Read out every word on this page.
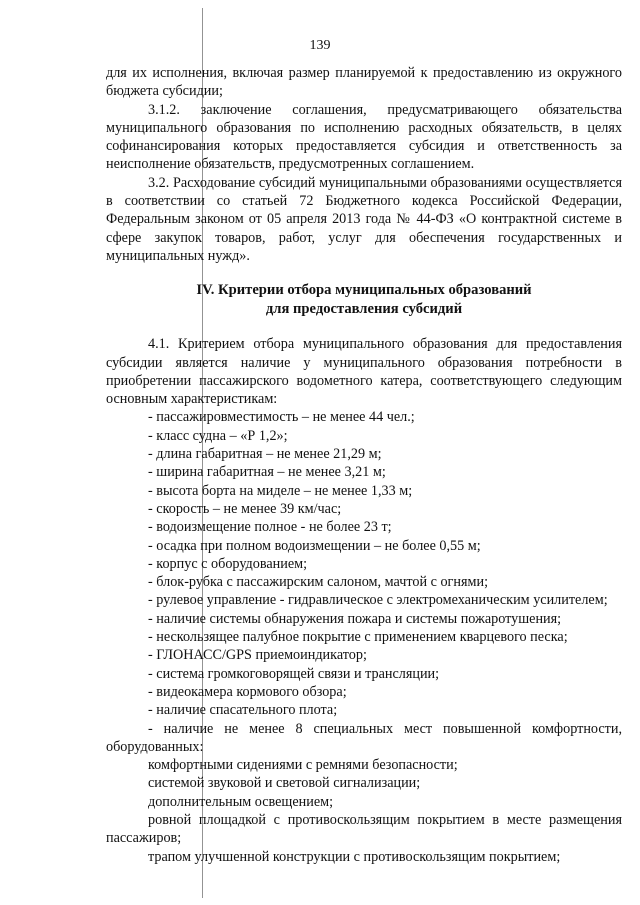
139

для их исполнения, включая размер планируемой к предоставлению из окружного бюджета субсидии;

3.1.2. заключение соглашения, предусматривающего обязательства муниципального образования по исполнению расходных обязательств, в целях софинансирования которых предоставляется субсидия и ответственность за неисполнение обязательств, предусмотренных соглашением.

3.2. Расходование субсидий муниципальными образованиями осуществляется в соответствии со статьей 72 Бюджетного кодекса Российской Федерации, Федеральным законом от 05 апреля 2013 года № 44-ФЗ «О контрактной системе в сфере закупок товаров, работ, услуг для обеспечения государственных и муниципальных нужд».

IV. Критерии отбора муниципальных образований
для предоставления субсидий

4.1. Критерием отбора муниципального образования для предоставления субсидии является наличие у муниципального образования потребности в приобретении пассажирского водометного катера, соответствующего следующим основным характеристикам:

- пассажировместимость – не менее 44 чел.;

- класс судна – «Р 1,2»;

- длина габаритная – не менее 21,29 м;

- ширина габаритная – не менее 3,21 м;

- высота борта на миделе – не менее 1,33 м;

- скорость – не менее 39 км/час;

- водоизмещение полное - не более 23 т;

- осадка при полном водоизмещении – не более 0,55 м;

- корпус с оборудованием;

- блок-рубка с пассажирским салоном, мачтой с огнями;

- рулевое управление - гидравлическое с электромеханическим усилителем;

- наличие системы обнаружения пожара и системы пожаротушения;

- нескользящее палубное покрытие с применением кварцевого песка;

- ГЛОНАСС/GPS приемоиндикатор;

- система громкоговорящей связи и трансляции;

- видеокамера кормового обзора;

- наличие спасательного плота;

- наличие не менее 8 специальных мест повышенной комфортности, оборудованных:

комфортными сидениями с ремнями безопасности;

системой звуковой и световой сигнализации;

дополнительным освещением;

ровной площадкой с противоскользящим покрытием в месте размещения пассажиров;

трапом улучшенной конструкции с противоскользящим покрытием;
